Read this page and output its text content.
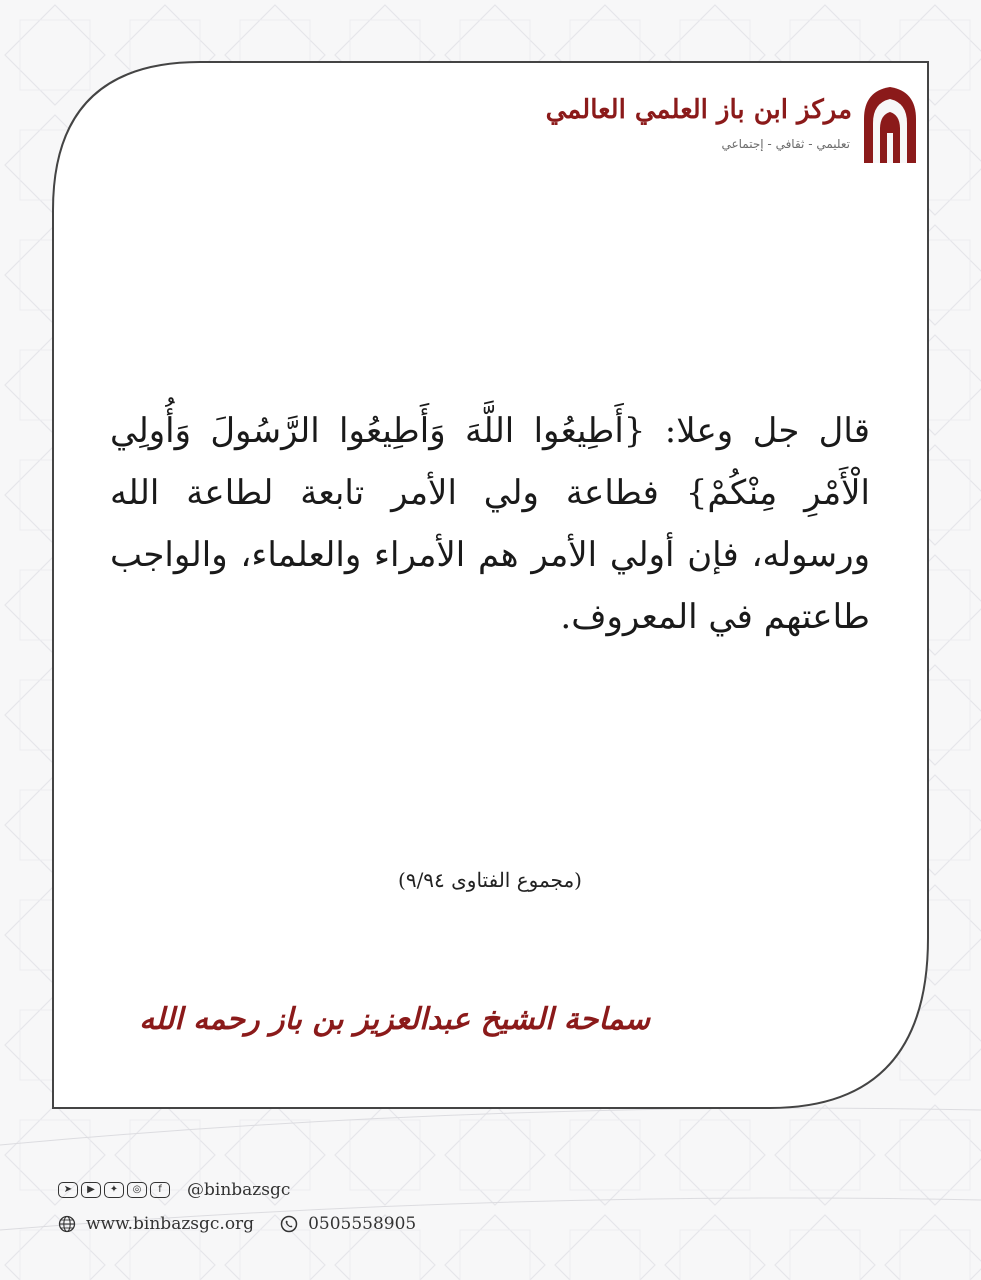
مركز ابن باز العلمي العالمي
تعليمي - ثقافي - إجتماعي
قال جل وعلا: {أَطِيعُوا اللَّهَ وَأَطِيعُوا الرَّسُولَ وَأُولِي الْأَمْرِ مِنْكُمْ} فطاعة ولي الأمر تابعة لطاعة الله ورسوله، فإن أولي الأمر هم الأمراء والعلماء، والواجب طاعتهم في المعروف.
(مجموع الفتاوى ٩/٩٤)
سماحة الشيخ عبدالعزيز بن باز رحمه الله
➤	▶	✦	◎	f	@binbazsgc
www.binbazsgc.org	0505558905
